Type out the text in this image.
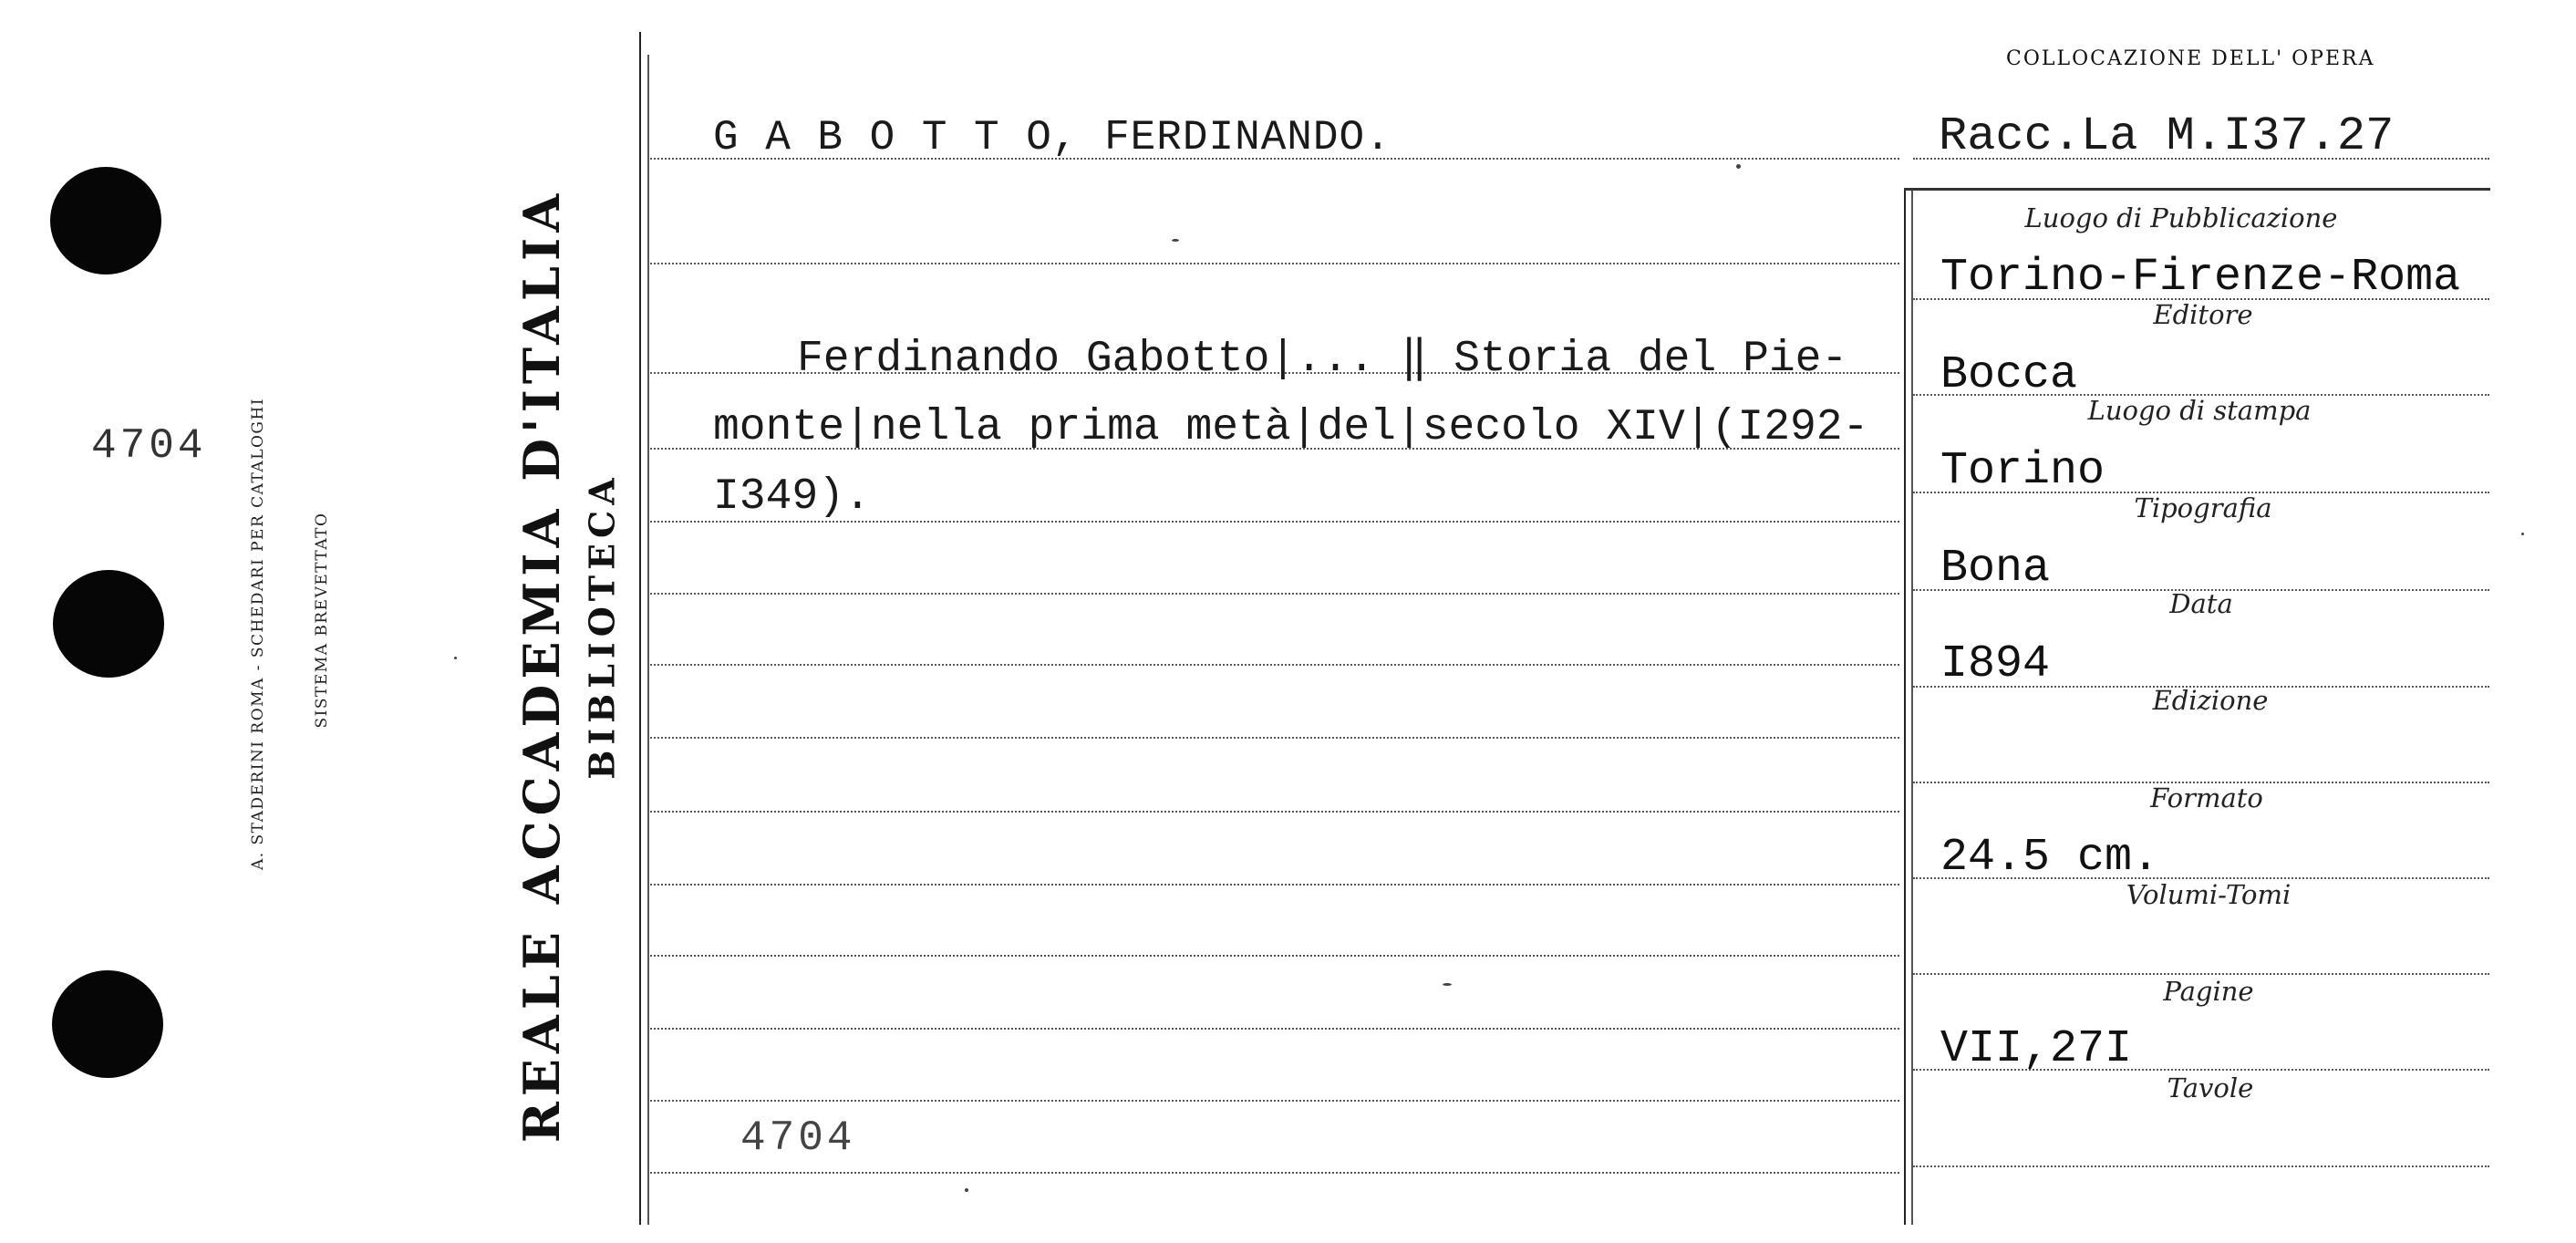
4704	A. STADERINI ROMA - SCHEDARI PER CATALOGHI	SISTEMA BREVETTATO	REALE ACCADEMIA D'ITALIA BIBLIOTECA
COLLOCAZIONE DELL' OPERA
Racc.La M.I37.27
G A B O T T O, FERDINANDO.
Ferdinando Gabotto|... ‖ Storia del Pie-
monte|nella prima metà|del|secolo XIV|(I292-
I349).
4704
Luogo di Pubblicazione
Torino-Firenze-Roma
Editore
Bocca
Luogo di stampa
Torino
Tipografia
Bona
Data
I894
Edizione
Formato
24.5 cm.
Volumi-Tomi
Pagine
VII,27I
Tavole
